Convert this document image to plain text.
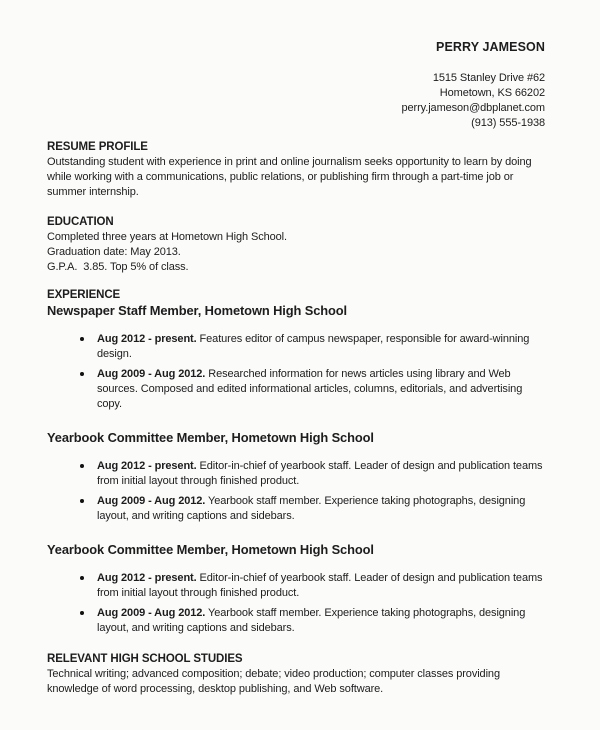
PERRY JAMESON
1515 Stanley Drive #62
Hometown, KS 66202
perry.jameson@dbplanet.com
(913) 555-1938
RESUME PROFILE

Outstanding student with experience in print and online journalism seeks opportunity to learn by doing while working with a communications, public relations, or publishing firm through a part-time job or summer internship.

EDUCATION
Completed three years at Hometown High School.
Graduation date: May 2013.
G.P.A.  3.85. Top 5% of class.
EXPERIENCE
Newspaper Staff Member, Hometown High School
Aug 2012 - present. Features editor of campus newspaper, responsible for award-winning design.
Aug 2009 - Aug 2012. Researched information for news articles using library and Web sources. Composed and edited informational articles, columns, editorials, and advertising copy.
Yearbook Committee Member, Hometown High School
Aug 2012 - present. Editor-in-chief of yearbook staff. Leader of design and publication teams from initial layout through finished product.
Aug 2009 - Aug 2012. Yearbook staff member. Experience taking photographs, designing layout, and writing captions and sidebars.
Yearbook Committee Member, Hometown High School
Aug 2012 - present. Editor-in-chief of yearbook staff. Leader of design and publication teams from initial layout through finished product.
Aug 2009 - Aug 2012. Yearbook staff member. Experience taking photographs, designing layout, and writing captions and sidebars.
RELEVANT HIGH SCHOOL STUDIES

Technical writing; advanced composition; debate; video production; computer classes providing knowledge of word processing, desktop publishing, and Web software.
